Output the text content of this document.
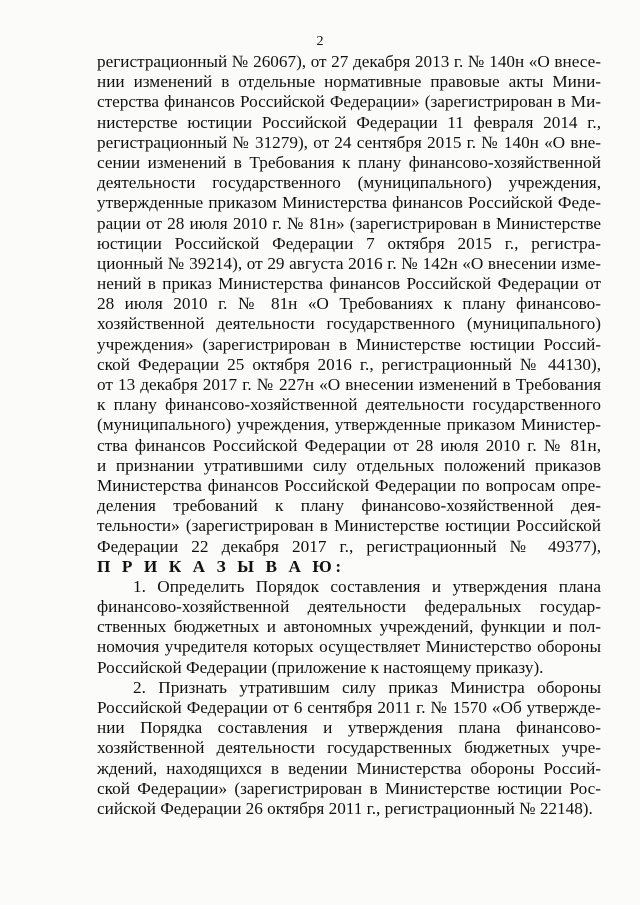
2
регистрационный № 26067), от 27 декабря 2013 г. № 140н «О внесе-
нии изменений в отдельные нормативные правовые акты Мини-
стерства финансов Российской Федерации» (зарегистрирован в Ми-
нистерстве юстиции Российской Федерации 11 февраля 2014 г.,
регистрационный № 31279), от 24 сентября 2015 г. № 140н «О вне-
сении изменений в Требования к плану финансово-хозяйственной
деятельности государственного (муниципального) учреждения,
утвержденные приказом Министерства финансов Российской Феде-
рации от 28 июля 2010 г. № 81н» (зарегистрирован в Министерстве
юстиции Российской Федерации 7 октября 2015 г., регистра-
ционный № 39214), от 29 августа 2016 г. № 142н «О внесении изме-
нений в приказ Министерства финансов Российской Федерации от
28 июля 2010 г. № 81н «О Требованиях к плану финансово-
хозяйственной деятельности государственного (муниципального)
учреждения» (зарегистрирован в Министерстве юстиции Россий-
ской Федерации 25 октября 2016 г., регистрационный № 44130),
от 13 декабря 2017 г. № 227н «О внесении изменений в Требования
к плану финансово-хозяйственной деятельности государственного
(муниципального) учреждения, утвержденные приказом Министер-
ства финансов Российской Федерации от 28 июля 2010 г. № 81н,
и признании утратившими силу отдельных положений приказов
Министерства финансов Российской Федерации по вопросам опре-
деления требований к плану финансово-хозяйственной дея-
тельности» (зарегистрирован в Министерстве юстиции Российской
Федерации 22 декабря 2017 г., регистрационный № 49377),
П Р И К А З Ы В А Ю:
1. Определить Порядок составления и утверждения плана
финансово-хозяйственной деятельности федеральных государ-
ственных бюджетных и автономных учреждений, функции и пол-
номочия учредителя которых осуществляет Министерство обороны
Российской Федерации (приложение к настоящему приказу).
2. Признать утратившим силу приказ Министра обороны
Российской Федерации от 6 сентября 2011 г. № 1570 «Об утвержде-
нии Порядка составления и утверждения плана финансово-
хозяйственной деятельности государственных бюджетных учре-
ждений, находящихся в ведении Министерства обороны Россий-
ской Федерации» (зарегистрирован в Министерстве юстиции Рос-
сийской Федерации 26 октября 2011 г., регистрационный № 22148).
